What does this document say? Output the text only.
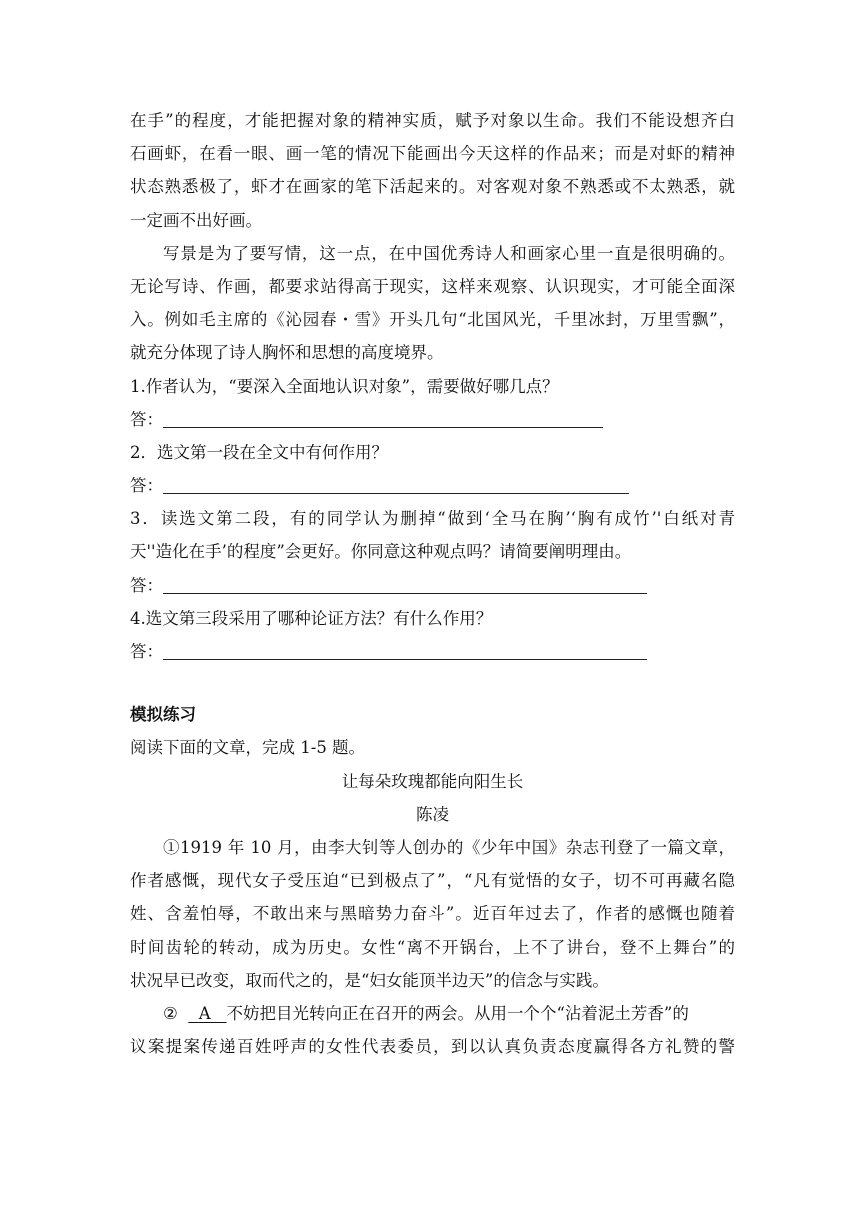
在手”的程度，才能把握对象的精神实质，赋予对象以生命。我们不能设想齐白
石画虾，在看一眼、画一笔的情况下能画出今天这样的作品来；而是对虾的精神
状态熟悉极了，虾才在画家的笔下活起来的。对客观对象不熟悉或不太熟悉，就
一定画不出好画。
写景是为了要写情，这一点，在中国优秀诗人和画家心里一直是很明确的。
无论写诗、作画，都要求站得高于现实，这样来观察、认识现实，才可能全面深
入。例如毛主席的《沁园春・雪》开头几句“北国风光，千里冰封，万里雪飘”，
就充分体现了诗人胸怀和思想的高度境界。
1.作者认为，“要深入全面地认识对象”，需要做好哪几点？
答：
2．选文第一段在全文中有何作用？
答：
3．读选文第二段，有的同学认为删掉“做到‘全马在胸’‘胸有成竹’'白纸对青
天''造化在手’的程度”会更好。你同意这种观点吗？请简要阐明理由。
答：
4.选文第三段采用了哪种论证方法？有什么作用？
答：
模拟练习
阅读下面的文章，完成 1-5 题。
让每朵玫瑰都能向阳生长
陈凌
①1919 年 10 月，由李大钊等人创办的《少年中国》杂志刊登了一篇文章，
作者感慨，现代女子受压迫“已到极点了”，“凡有觉悟的女子，切不可再藏名隐
姓、含羞怕辱，不敢出来与黑暗势力奋斗”。近百年过去了，作者的感慨也随着
时间齿轮的转动，成为历史。女性“离不开锅台，上不了讲台，登不上舞台”的
状况早已改变，取而代之的，是“妇女能顶半边天”的信念与实践。
② A 不妨把目光转向正在召开的两会。从用一个个“沾着泥土芳香”的
议案提案传递百姓呼声的女性代表委员，到以认真负责态度赢得各方礼赞的警
